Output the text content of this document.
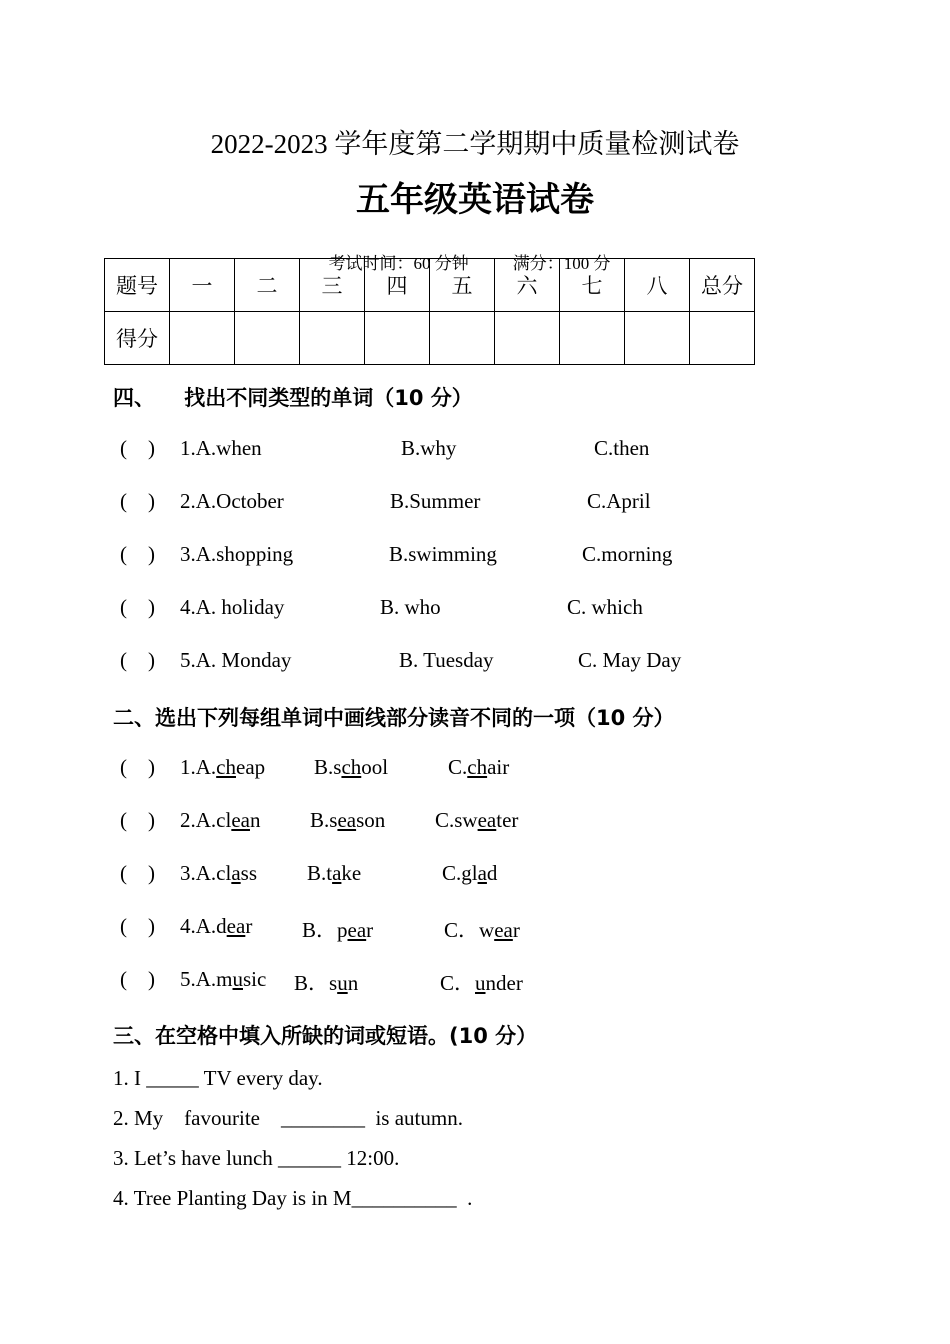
2022-2023 学年度第二学期期中质量检测试卷
五年级英语试卷

考试时间：60 分钟	满分：100 分

题号	一	二	三	四	五	六	七	八	总分
得分									
四、    找出不同类型的单词（10 分）

(    )

1.A.when

	B.why

	C.then

(    )

2.A.October

	B.Summer

	C.April

(    )

3.A.shopping

	B.swimming

	C.morning

(    )

4.A. holiday

	B. who

	C. which

(    )

5.A. Monday

	B. Tuesday

	C. May Day

二、选出下列每组单词中画线部分读音不同的一项（10 分）

(    )

1.A.cheap

B.school

	C.chair

(    )

2.A.clean

B.season

C.sweater

(    )

3.A.class

B.take

	C.glad

(    )

4.A.dear

B．pear

	C．wear

(    )

5.A.music

B．sun

	C．under

三、在空格中填入所缺的词或短语。(10 分）
1. I _____ TV every day.
2. My    favourite    ________  is autumn.
3. Let’s have lunch ______ 12:00.
4. Tree Planting Day is in M__________  .
